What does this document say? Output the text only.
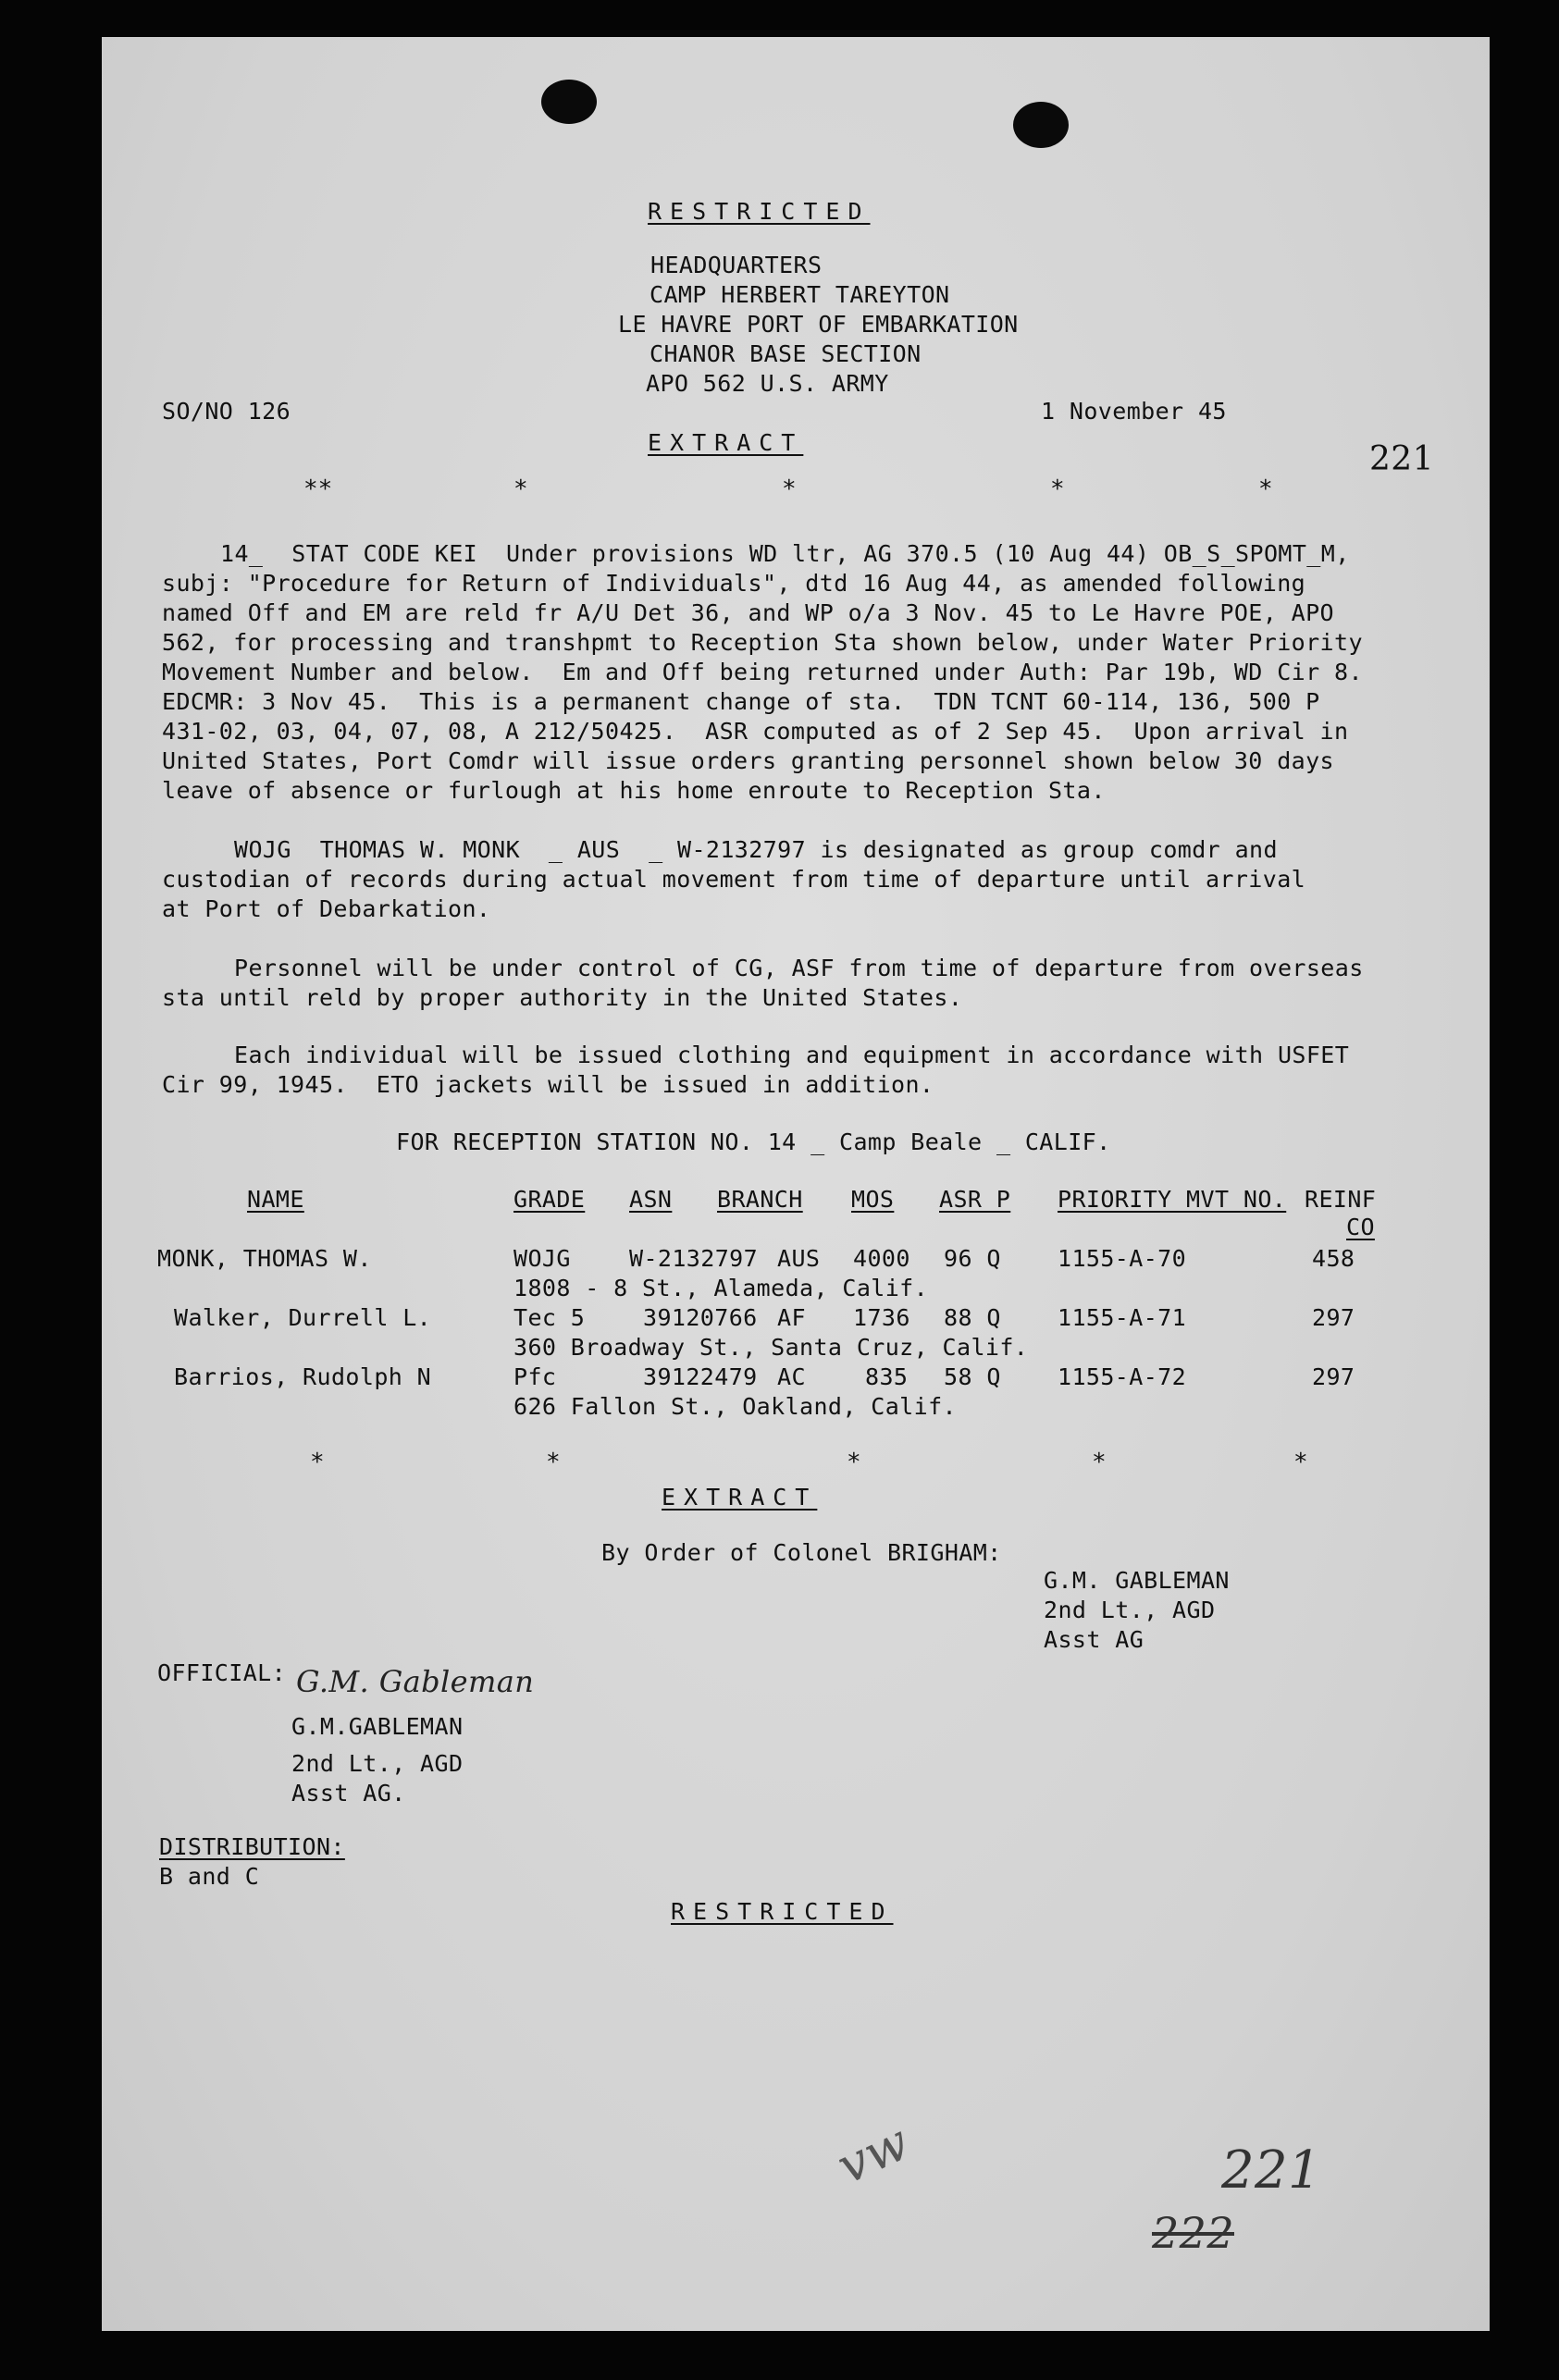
RESTRICTED
HEADQUARTERS
CAMP HERBERT TAREYTON
LE HAVRE PORT OF EMBARKATION
CHANOR BASE SECTION
APO 562 U.S. ARMY
SO/NO 126	1 November 45
EXTRACT	221
**	*	*	*	*
14_  STAT CODE KEI  Under provisions WD ltr, AG 370.5 (10 Aug 44) OB_S_SPOMT_M,
subj: "Procedure for Return of Individuals", dtd 16 Aug 44, as amended following
named Off and EM are reld fr A/U Det 36, and WP o/a 3 Nov. 45 to Le Havre POE, APO
562, for processing and transhpmt to Reception Sta shown below, under Water Priority
Movement Number and below.  Em and Off being returned under Auth: Par 19b, WD Cir 8.
EDCMR: 3 Nov 45.  This is a permanent change of sta.  TDN TCNT 60-114, 136, 500 P
431-02, 03, 04, 07, 08, A 212/50425.  ASR computed as of 2 Sep 45.  Upon arrival in
United States, Port Comdr will issue orders granting personnel shown below 30 days
leave of absence or furlough at his home enroute to Reception Sta.
WOJG  THOMAS W. MONK  _ AUS  _ W-2132797 is designated as group comdr and
custodian of records during actual movement from time of departure until arrival
at Port of Debarkation.
Personnel will be under control of CG, ASF from time of departure from overseas
sta until reld by proper authority in the United States.
Each individual will be issued clothing and equipment in accordance with USFET
Cir 99, 1945.  ETO jackets will be issued in addition.
FOR RECEPTION STATION NO. 14 _ Camp Beale _ CALIF.
NAME	GRADE ASN BRANCH MOS ASR P PRIORITY MVT NO. REINF
CO
MONK, THOMAS W.	WOJG	W-2132797 AUS 4000 96 Q 1155-A-70	458
1808 - 8 St., Alameda, Calif.
Walker, Durrell L.	Tec 5	39120766 AF 1736 88 Q 1155-A-71	297
360 Broadway St., Santa Cruz, Calif.
Barrios, Rudolph N	Pfc	39122479 AC	835 58 Q 1155-A-72	297
626 Fallon St., Oakland, Calif.
*	*	*	*	*
EXTRACT
By Order of Colonel BRIGHAM:
G.M. GABLEMAN
2nd Lt., AGD
Asst AG
OFFICIAL: G.M. Gableman
G.M.GABLEMAN
2nd Lt., AGD
Asst AG.
DISTRIBUTION:
B and C
RESTRICTED
vw	221
222
